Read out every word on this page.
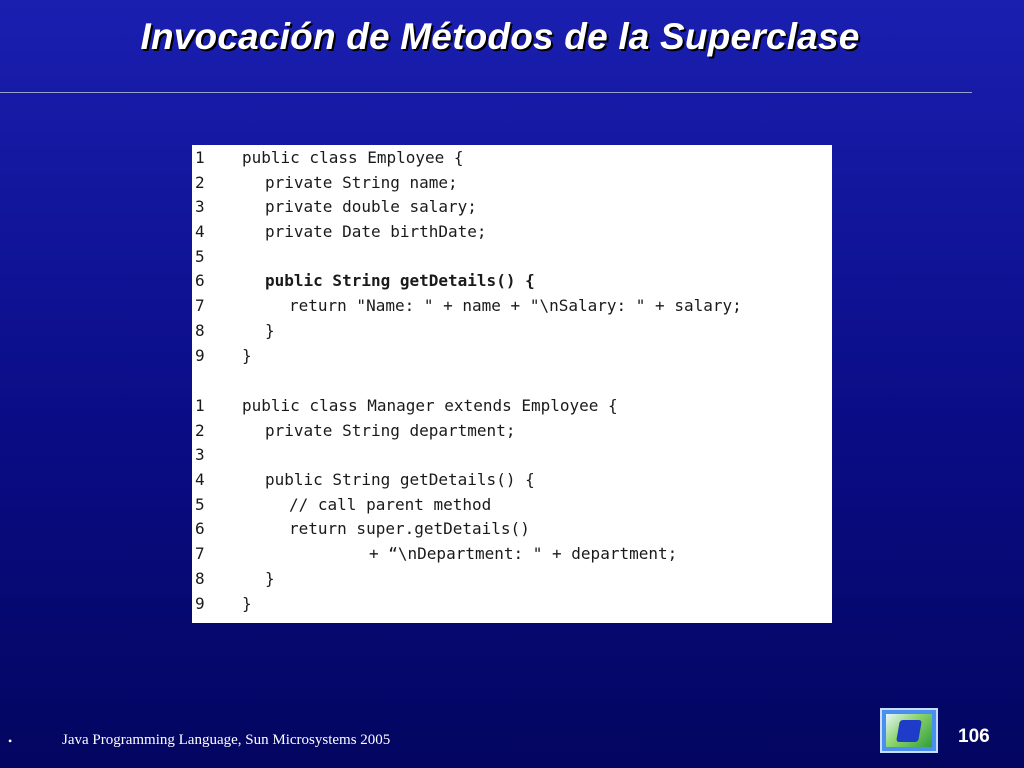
Invocación de Métodos de la Superclase
1 public class Employee {
2	private String name;
3	private double salary;
4	private Date birthDate;
5
6	public String getDetails() {
7	return "Name: " + name + "\nSalary: " + salary;
8	}
9 }
1 public class Manager extends Employee {
2	private String department;
3
4	public String getDetails() {
5	// call parent method
6	return super.getDetails()
7	+ “\nDepartment: " + department;
8	}
9 }
•	Java Programming Language, Sun Microsystems 2005	106
